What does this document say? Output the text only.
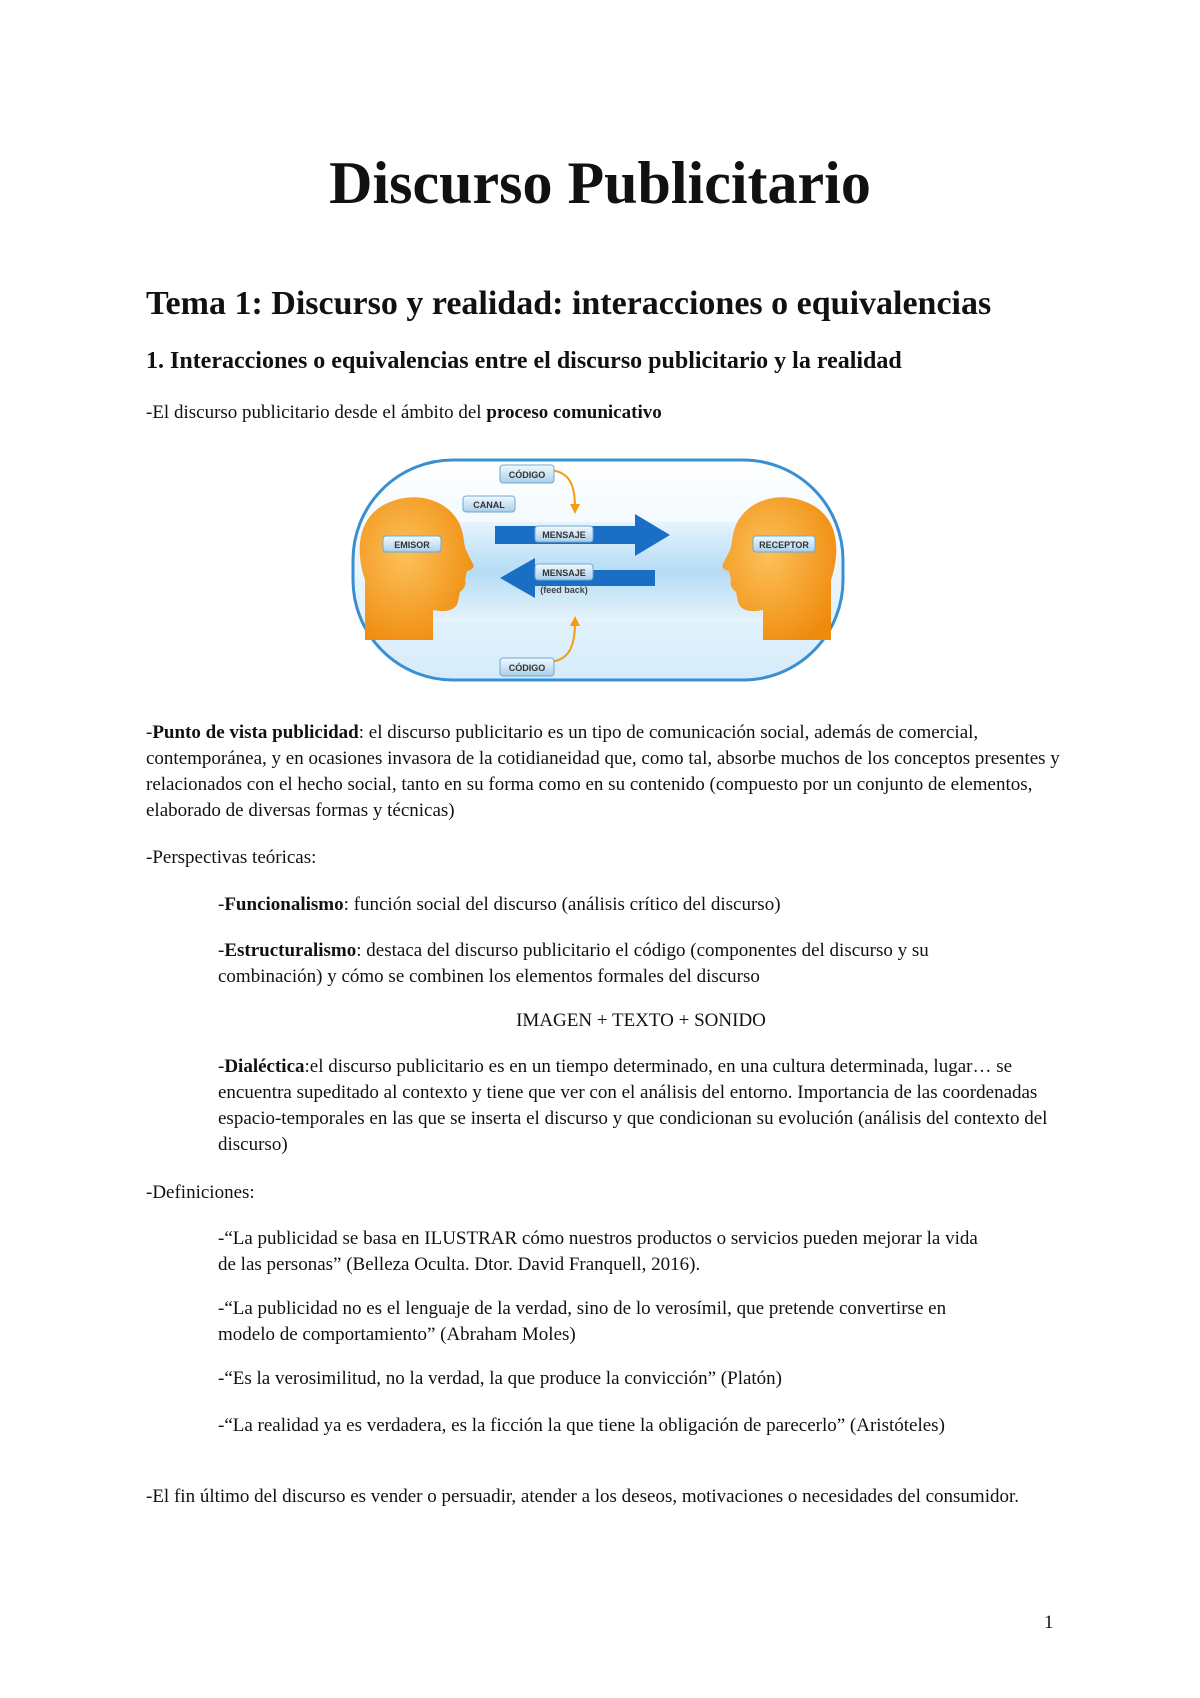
Discurso Publicitario
Tema 1: Discurso y realidad: interacciones o equivalencias
1. Interacciones o equivalencias entre el discurso publicitario y la realidad

-El discurso publicitario desde el ámbito del proceso comunicativo

CÓDIGO
CANAL
MENSAJE
MENSAJE
(feed back)
EMISOR	RECEPTOR
CÓDIGO

-Punto de vista publicidad: el discurso publicitario es un tipo de comunicación social, además de comercial, contemporánea, y en ocasiones invasora de la cotidianeidad que, como tal, absorbe muchos de los conceptos presentes y relacionados con el hecho social, tanto en su forma como en su contenido (compuesto por un conjunto de elementos, elaborado de diversas formas y técnicas)

-Perspectivas teóricas:

-Funcionalismo: función social del discurso (análisis crítico del discurso)

-Estructuralismo: destaca del discurso publicitario el código (componentes del discurso y su combinación) y cómo se combinen los elementos formales del discurso

IMAGEN + TEXTO + SONIDO

-Dialéctica:el discurso publicitario es en un tiempo determinado, en una cultura determinada, lugar… se encuentra supeditado al contexto y tiene que ver con el análisis del entorno. Importancia de las coordenadas espacio-temporales en las que se inserta el discurso y que condicionan su evolución (análisis del contexto del discurso)

-Definiciones:

-“La publicidad se basa en ILUSTRAR cómo nuestros productos o servicios pueden mejorar la vida de las personas” (Belleza Oculta. Dtor. David Franquell, 2016).

-“La publicidad no es el lenguaje de la verdad, sino de lo verosímil, que pretende convertirse en modelo de comportamiento” (Abraham Moles)

-“Es la verosimilitud, no la verdad, la que produce la convicción” (Platón)

-“La realidad ya es verdadera, es la ficción la que tiene la obligación de parecerlo” (Aristóteles)

-El fin último del discurso es vender o persuadir, atender a los deseos, motivaciones o necesidades del consumidor.

1
